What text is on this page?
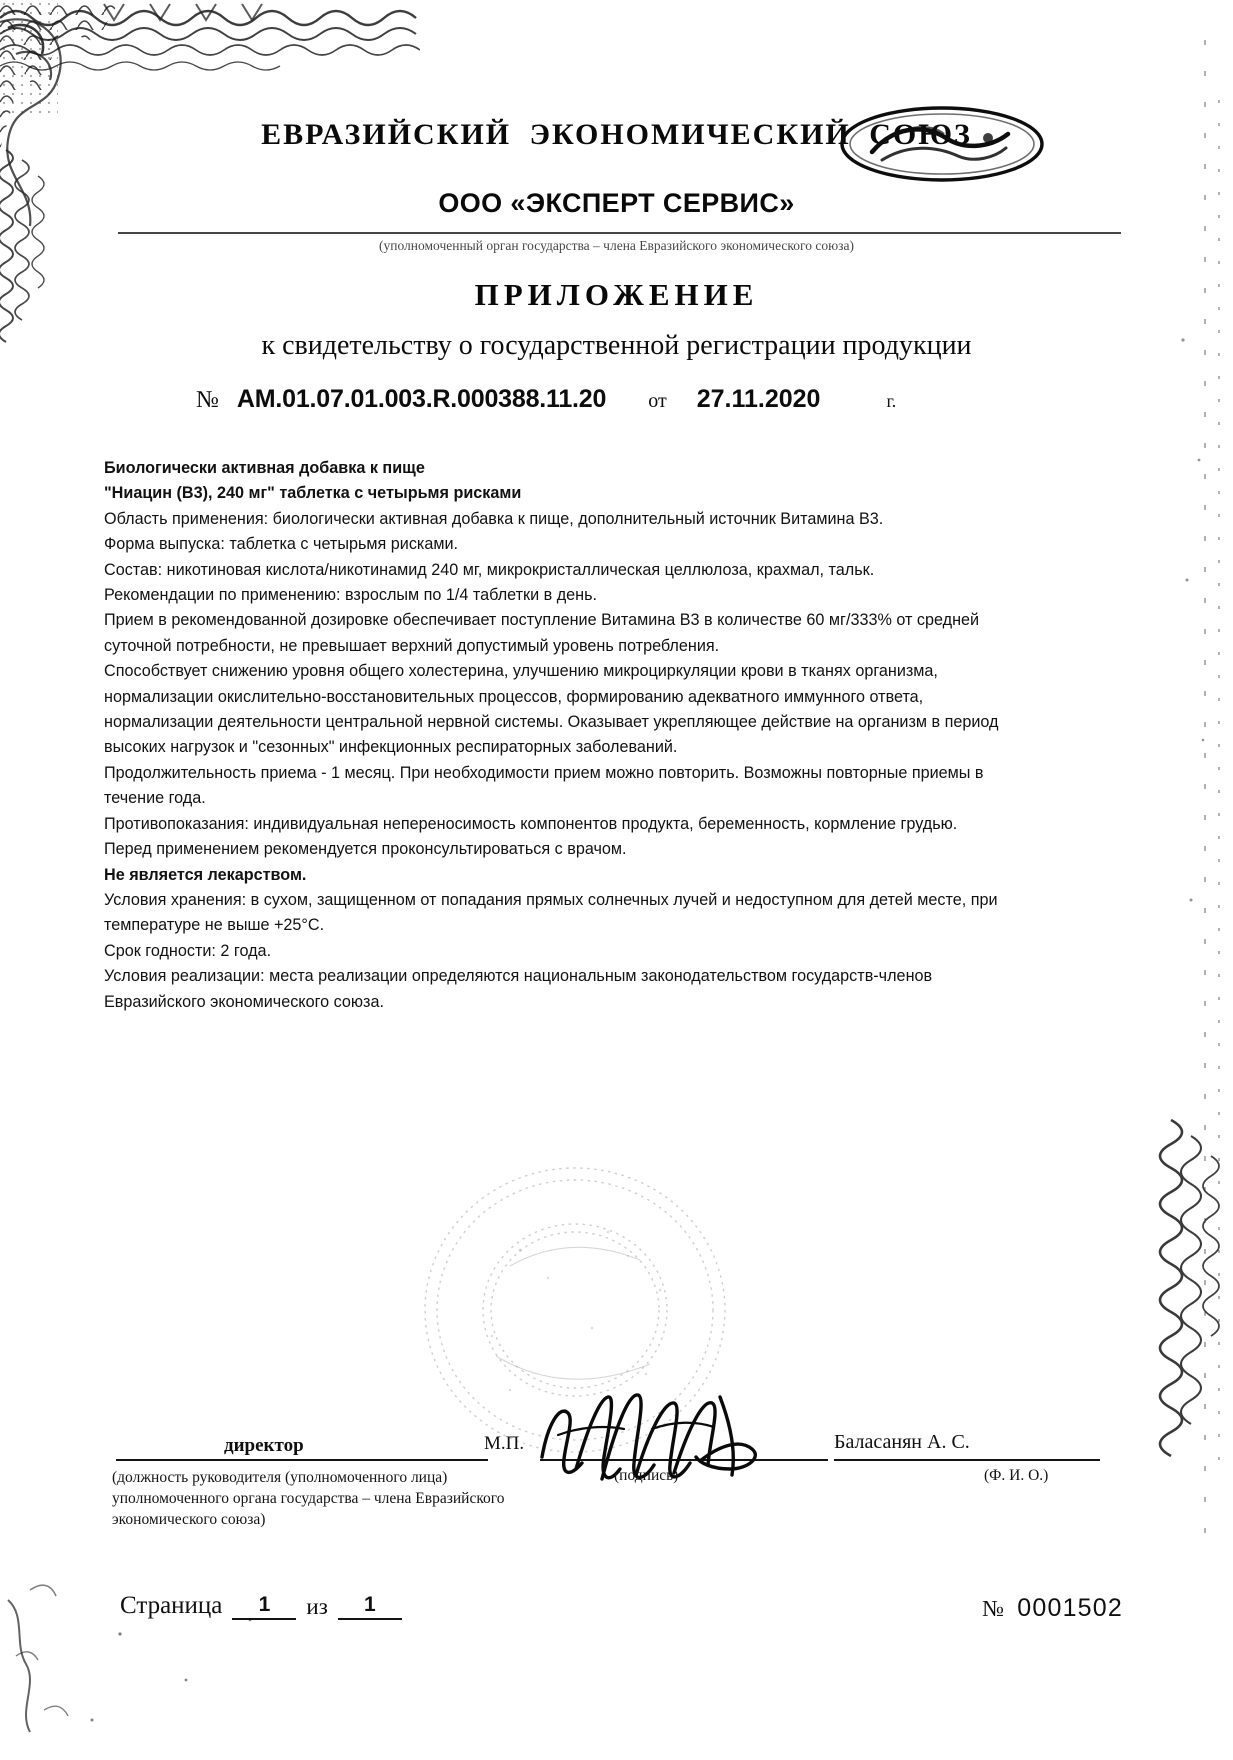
ЕВРАЗИЙСКИЙ ЭКОНОМИЧЕСКИЙ СОЮЗ
ООО «ЭКСПЕРТ СЕРВИС»
(уполномоченный орган государства – члена Евразийского экономического союза)
ПРИЛОЖЕНИЕ
к свидетельству о государственной регистрации продукции
№ AM.01.07.01.003.R.000388.11.20 от 27.11.2020	г.
Биологически активная добавка к пище
"Ниацин (B3), 240 мг" таблетка с четырьмя рисками
Область применения: биологически активная добавка к пище, дополнительный источник Витамина B3.
Форма выпуска: таблетка с четырьмя рисками.
Состав: никотиновая кислота/никотинамид 240 мг, микрокристаллическая целлюлоза, крахмал, тальк.
Рекомендации по применению: взрослым по 1/4 таблетки в день.
Прием в рекомендованной дозировке обеспечивает поступление Витамина B3 в количестве 60 мг/333% от средней суточной потребности, не превышает верхний допустимый уровень потребления.
Способствует снижению уровня общего холестерина, улучшению микроциркуляции крови в тканях организма, нормализации окислительно-восстановительных процессов, формированию адекватного иммунного ответа, нормализации деятельности центральной нервной системы. Оказывает укрепляющее действие на организм в период высоких нагрузок и "сезонных" инфекционных респираторных заболеваний.
Продолжительность приема - 1 месяц. При необходимости прием можно повторить. Возможны повторные приемы в течение года.
Противопоказания: индивидуальная непереносимость компонентов продукта, беременность, кормление грудью. Перед применением рекомендуется проконсультироваться с врачом.
Не является лекарством.
Условия хранения: в сухом, защищенном от попадания прямых солнечных лучей и недоступном для детей месте, при температуре не выше +25°C.
Срок годности: 2 года.
Условия реализации: места реализации определяются национальным законодательством государств-членов Евразийского экономического союза.
директор	М.П.	Баласанян А. С.
(должность руководителя (уполномоченного лица) уполномоченного органа государства – члена Евразийского экономического союза)
(подпись)	(Ф. И. О.)
Страница	1	из	1	№ 0001502
